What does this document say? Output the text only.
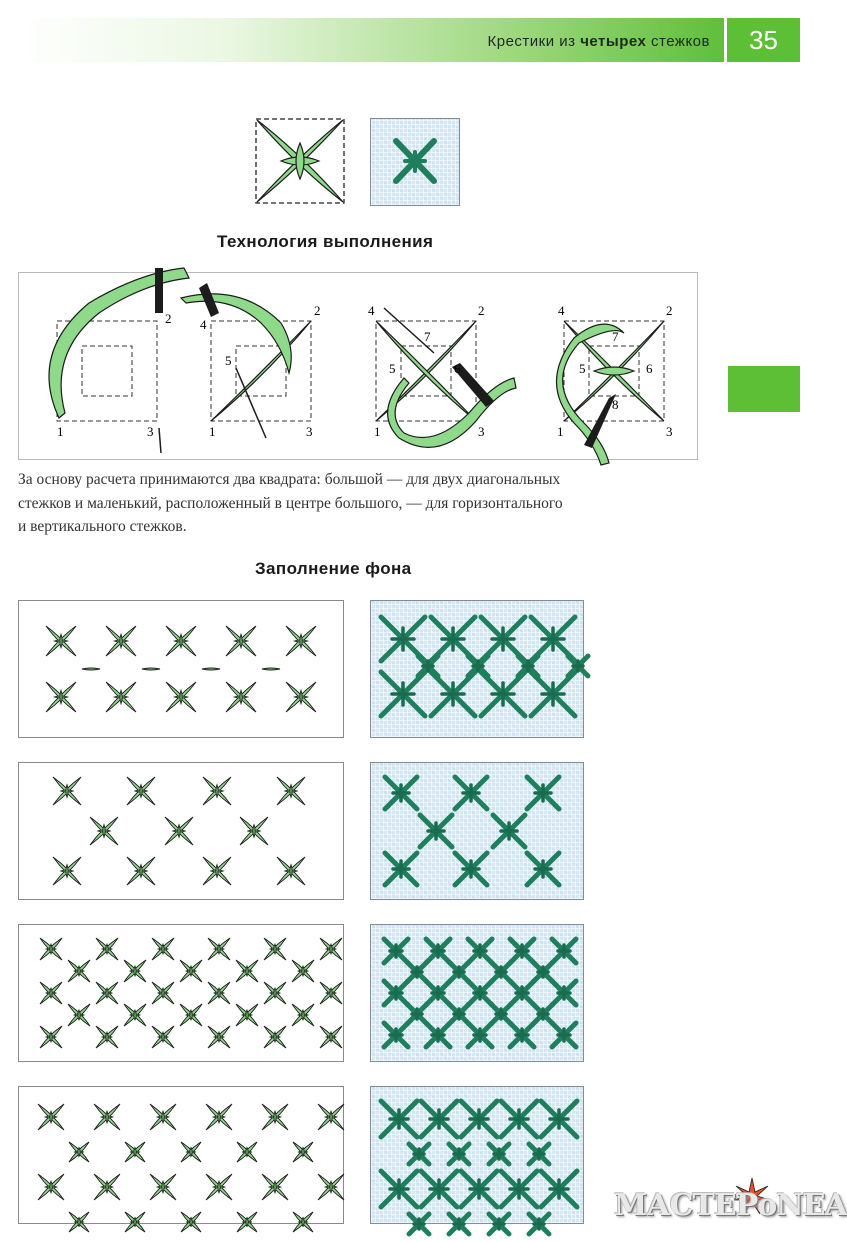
Крестики из четырех стежков	35
Технология выполнения
1
2
3	1
2
3
4
5
1
2
3
4
5	6
7
1
2
3
4
5	6
7
8
За основу расчета принимаются два квадрата: большой — для двух диагональных
стежков и маленький, расположенный в центре большого, — для горизонтального
и вертикального стежков.
Заполнение фона
МАСТЕРоNEA
